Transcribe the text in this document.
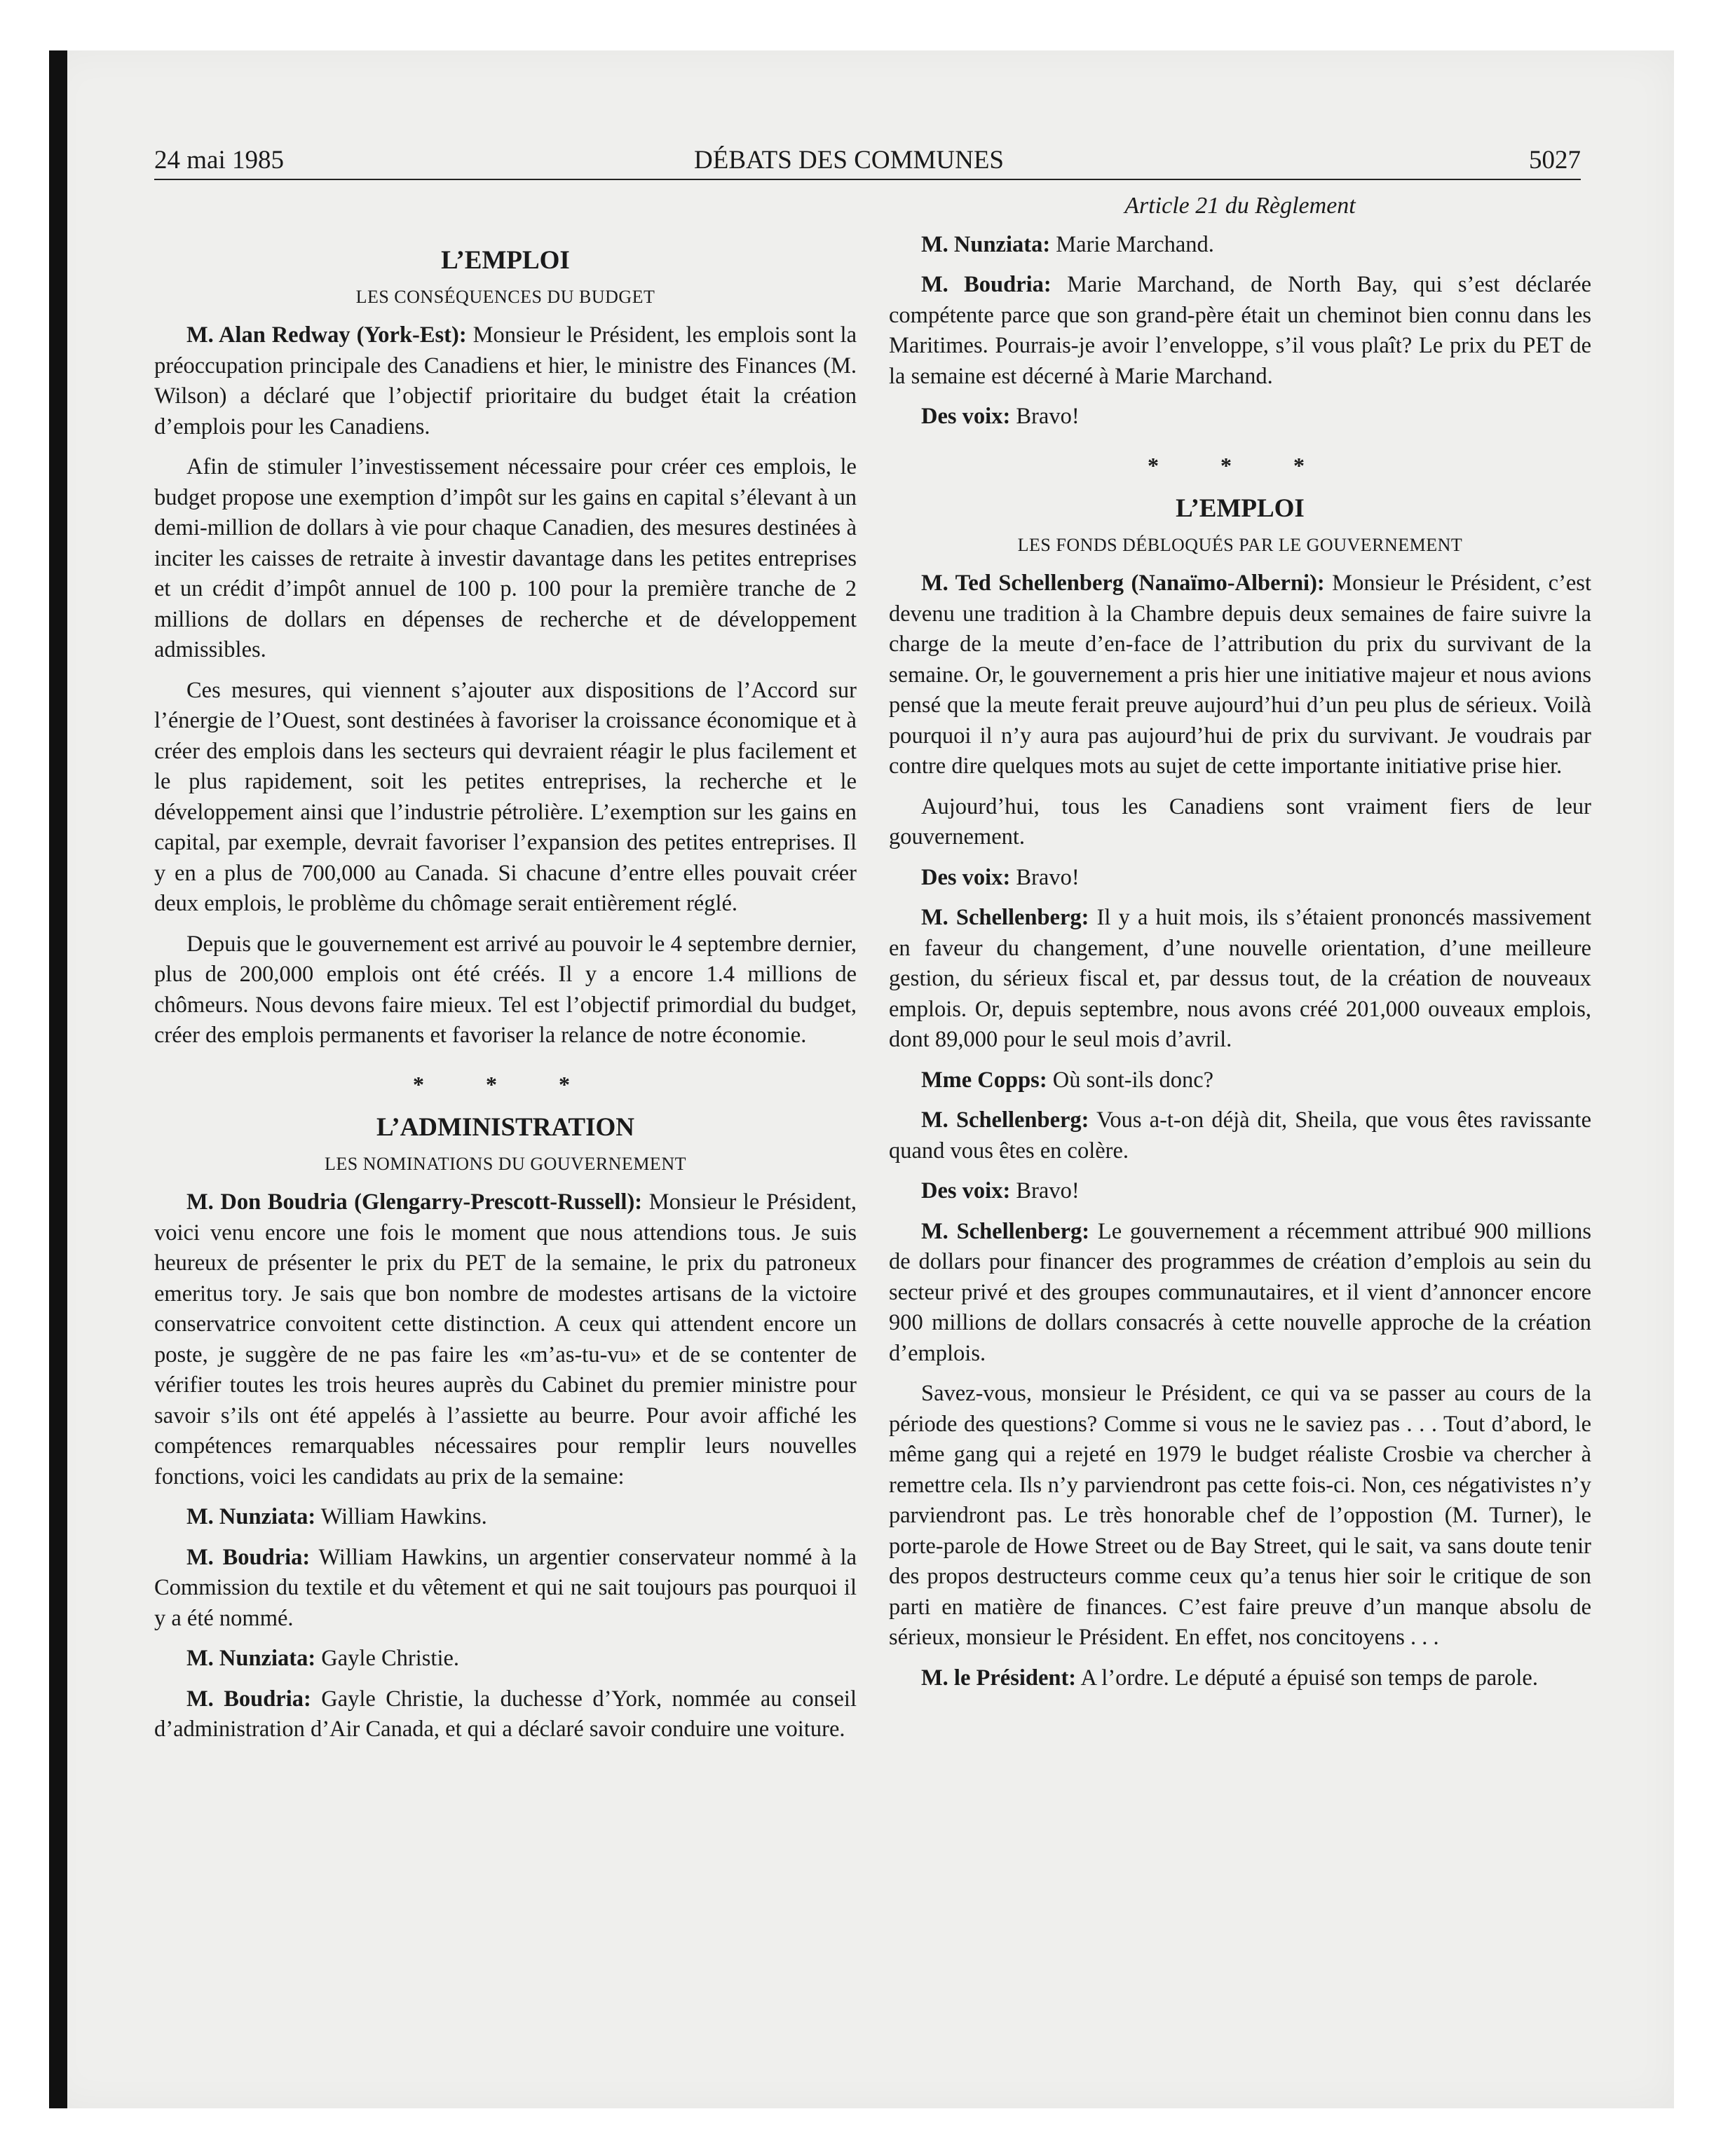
24 mai 1985	DÉBATS DES COMMUNES	5027
L’EMPLOI
LES CONSÉQUENCES DU BUDGET

M. Alan Redway (York-Est): Monsieur le Président, les emplois sont la préoccupation principale des Canadiens et hier, le ministre des Finances (M. Wilson) a déclaré que l’objectif prioritaire du budget était la création d’emplois pour les Canadiens.

Afin de stimuler l’investissement nécessaire pour créer ces emplois, le budget propose une exemption d’impôt sur les gains en capital s’élevant à un demi-million de dollars à vie pour chaque Canadien, des mesures destinées à inciter les caisses de retraite à investir davantage dans les petites entreprises et un crédit d’impôt annuel de 100 p. 100 pour la première tranche de 2 millions de dollars en dépenses de recherche et de développement admissibles.

Ces mesures, qui viennent s’ajouter aux dispositions de l’Accord sur l’énergie de l’Ouest, sont destinées à favoriser la croissance économique et à créer des emplois dans les secteurs qui devraient réagir le plus facilement et le plus rapidement, soit les petites entreprises, la recherche et le développement ainsi que l’industrie pétrolière. L’exemption sur les gains en capital, par exemple, devrait favoriser l’expansion des petites entreprises. Il y en a plus de 700,000 au Canada. Si chacune d’entre elles pouvait créer deux emplois, le problème du chômage serait entièrement réglé.

Depuis que le gouvernement est arrivé au pouvoir le 4 septembre dernier, plus de 200,000 emplois ont été créés. Il y a encore 1.4 millions de chômeurs. Nous devons faire mieux. Tel est l’objectif primordial du budget, créer des emplois permanents et favoriser la relance de notre économie.

* * *
L’ADMINISTRATION
LES NOMINATIONS DU GOUVERNEMENT

M. Don Boudria (Glengarry-Prescott-Russell): Monsieur le Président, voici venu encore une fois le moment que nous attendions tous. Je suis heureux de présenter le prix du PET de la semaine, le prix du patroneux emeritus tory. Je sais que bon nombre de modestes artisans de la victoire conservatrice convoitent cette distinction. A ceux qui attendent encore un poste, je suggère de ne pas faire les «m’as-tu-vu» et de se contenter de vérifier toutes les trois heures auprès du Cabinet du premier ministre pour savoir s’ils ont été appelés à l’assiette au beurre. Pour avoir affiché les compétences remarquables nécessaires pour remplir leurs nouvelles fonctions, voici les candidats au prix de la semaine:

M. Nunziata: William Hawkins.

M. Boudria: William Hawkins, un argentier conservateur nommé à la Commission du textile et du vêtement et qui ne sait toujours pas pourquoi il y a été nommé.

M. Nunziata: Gayle Christie.

M. Boudria: Gayle Christie, la duchesse d’York, nommée au conseil d’administration d’Air Canada, et qui a déclaré savoir conduire une voiture.

Article 21 du Règlement

M. Nunziata: Marie Marchand.

M. Boudria: Marie Marchand, de North Bay, qui s’est déclarée compétente parce que son grand-père était un cheminot bien connu dans les Maritimes. Pourrais-je avoir l’enveloppe, s’il vous plaît? Le prix du PET de la semaine est décerné à Marie Marchand.

Des voix: Bravo!

* * *
L’EMPLOI
LES FONDS DÉBLOQUÉS PAR LE GOUVERNEMENT

M. Ted Schellenberg (Nanaïmo-Alberni): Monsieur le Président, c’est devenu une tradition à la Chambre depuis deux semaines de faire suivre la charge de la meute d’en-face de l’attribution du prix du survivant de la semaine. Or, le gouvernement a pris hier une initiative majeur et nous avions pensé que la meute ferait preuve aujourd’hui d’un peu plus de sérieux. Voilà pourquoi il n’y aura pas aujourd’hui de prix du survivant. Je voudrais par contre dire quelques mots au sujet de cette importante initiative prise hier.

Aujourd’hui, tous les Canadiens sont vraiment fiers de leur gouvernement.

Des voix: Bravo!

M. Schellenberg: Il y a huit mois, ils s’étaient prononcés massivement en faveur du changement, d’une nouvelle orientation, d’une meilleure gestion, du sérieux fiscal et, par dessus tout, de la création de nouveaux emplois. Or, depuis septembre, nous avons créé 201,000 ouveaux emplois, dont 89,000 pour le seul mois d’avril.

Mme Copps: Où sont-ils donc?

M. Schellenberg: Vous a-t-on déjà dit, Sheila, que vous êtes ravissante quand vous êtes en colère.

Des voix: Bravo!

M. Schellenberg: Le gouvernement a récemment attribué 900 millions de dollars pour financer des programmes de création d’emplois au sein du secteur privé et des groupes communautaires, et il vient d’annoncer encore 900 millions de dollars consacrés à cette nouvelle approche de la création d’emplois.

Savez-vous, monsieur le Président, ce qui va se passer au cours de la période des questions? Comme si vous ne le saviez pas . . . Tout d’abord, le même gang qui a rejeté en 1979 le budget réaliste Crosbie va chercher à remettre cela. Ils n’y parviendront pas cette fois-ci. Non, ces négativistes n’y parviendront pas. Le très honorable chef de l’oppostion (M. Turner), le porte-parole de Howe Street ou de Bay Street, qui le sait, va sans doute tenir des propos destructeurs comme ceux qu’a tenus hier soir le critique de son parti en matière de finances. C’est faire preuve d’un manque absolu de sérieux, monsieur le Président. En effet, nos concitoyens . . .

M. le Président: A l’ordre. Le député a épuisé son temps de parole.
